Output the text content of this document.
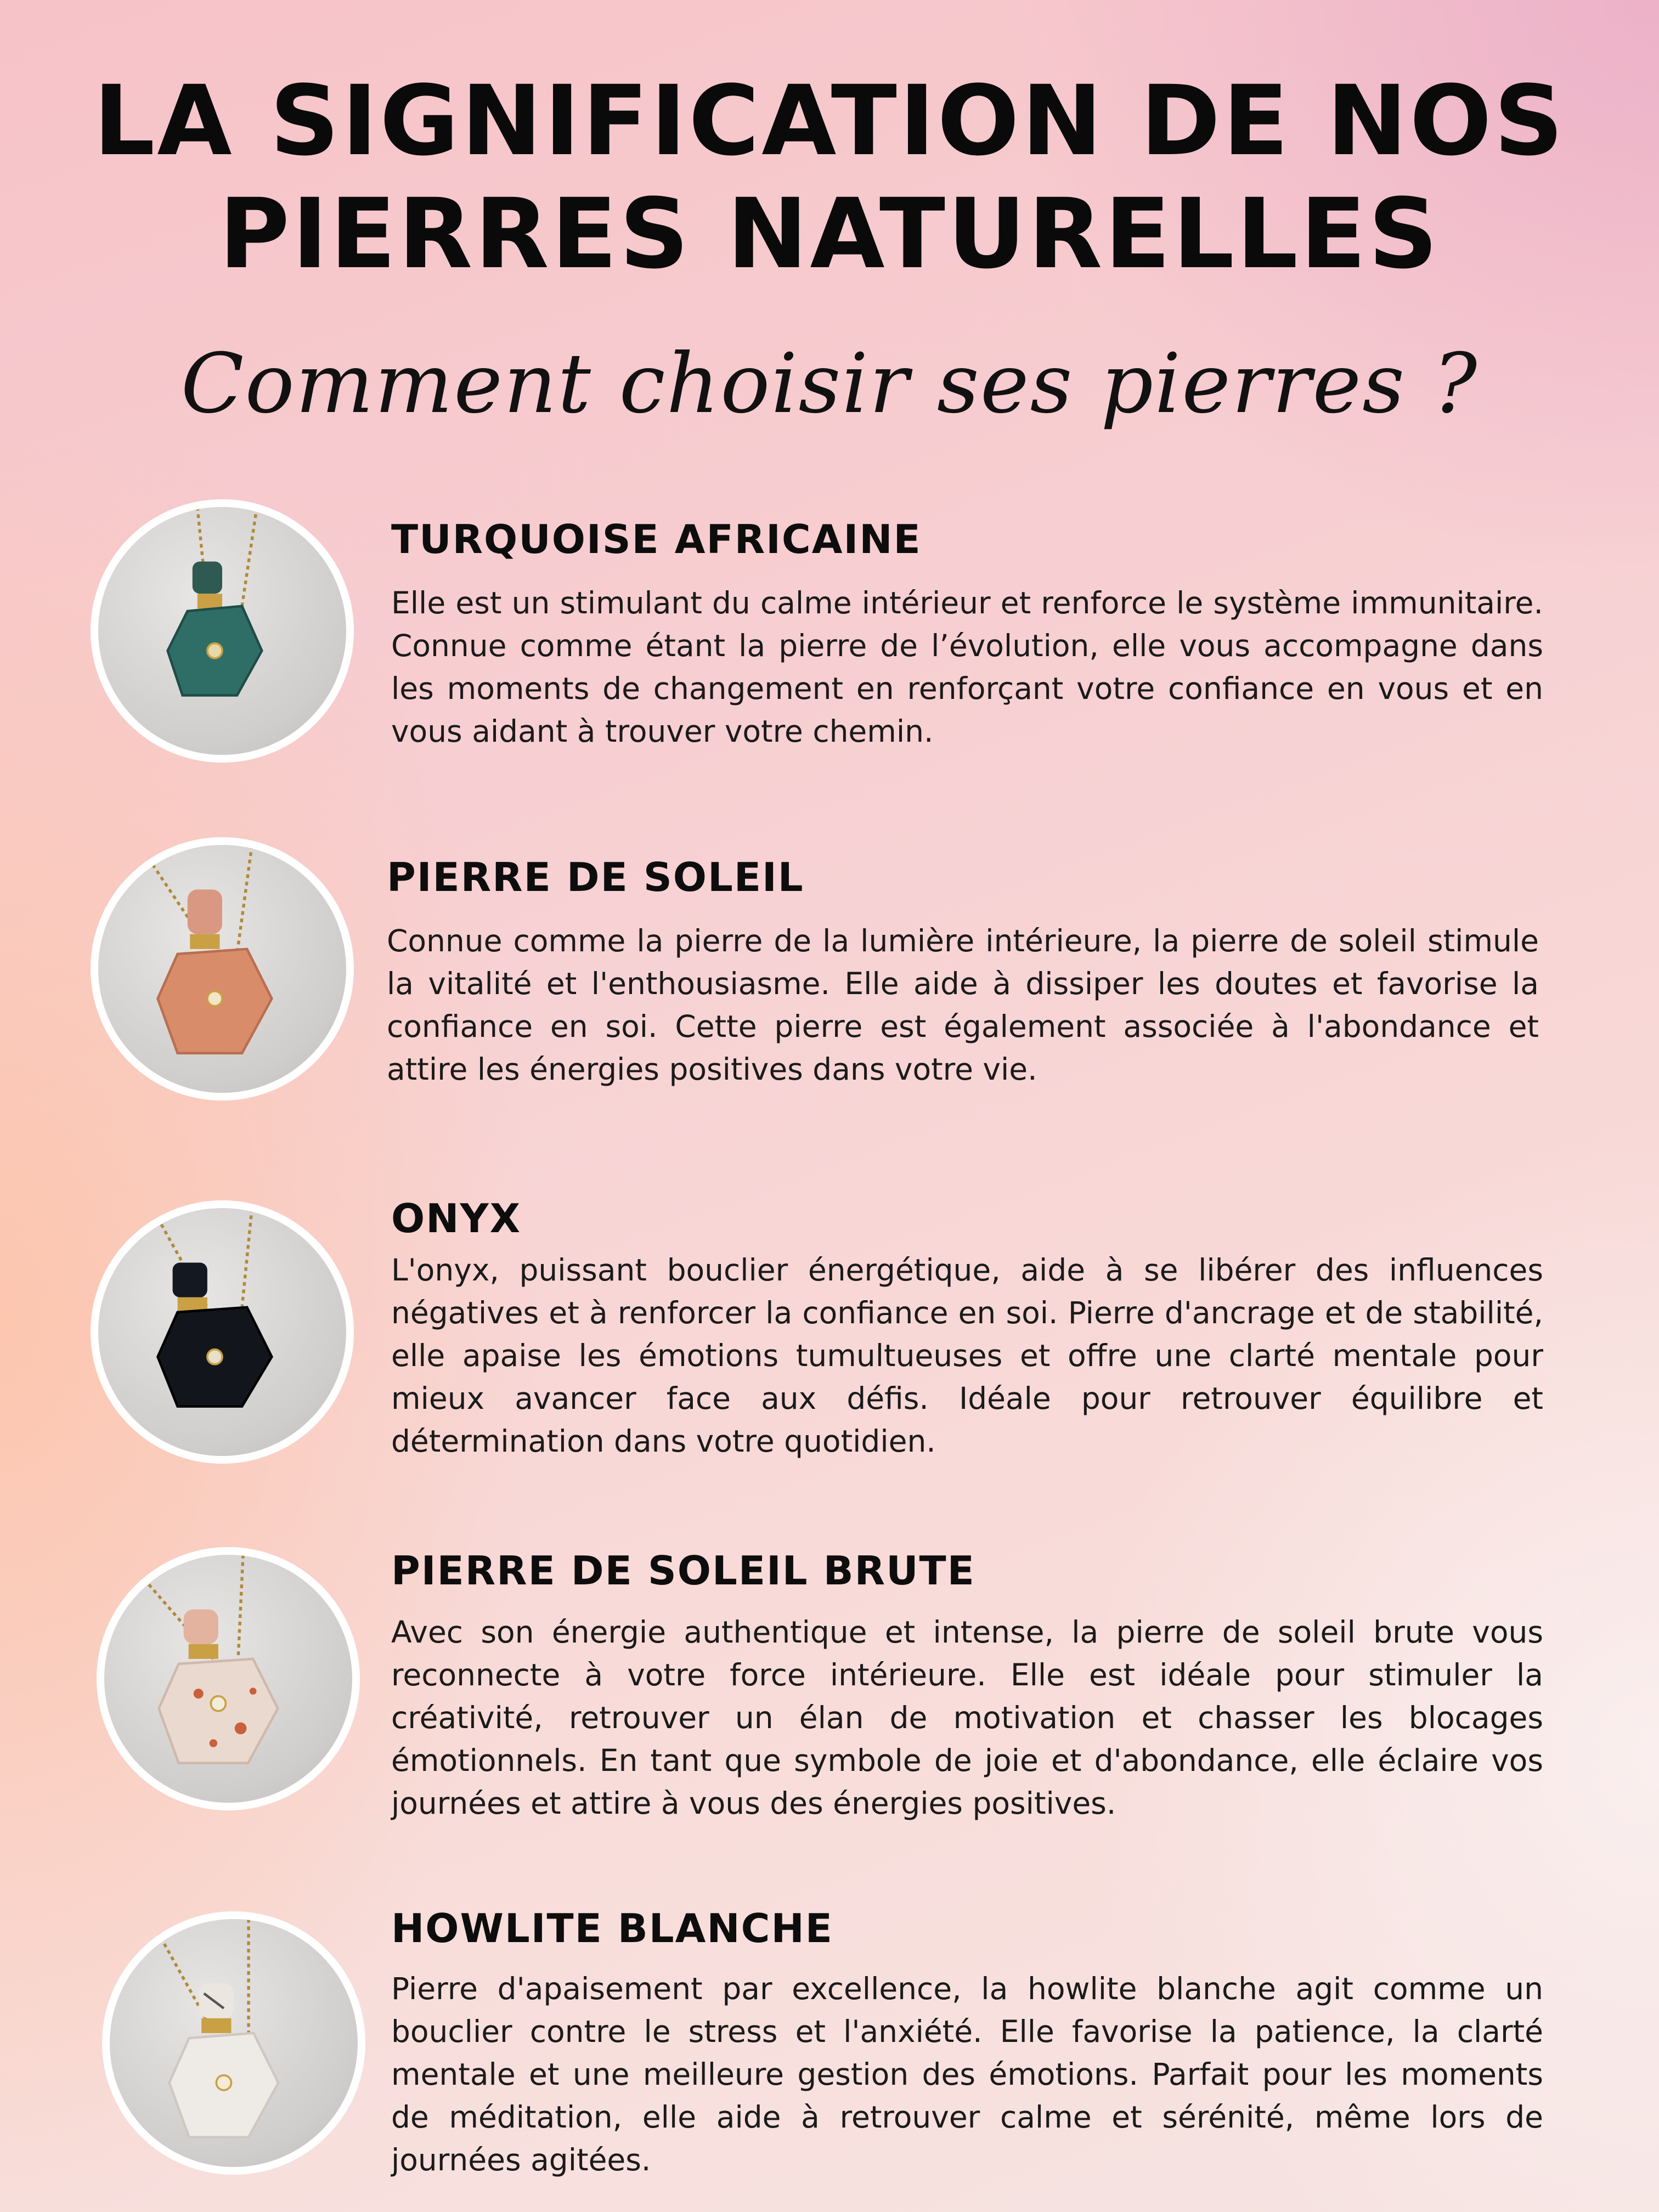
LA SIGNIFICATION DE NOS
PIERRES NATURELLES
Comment choisir ses pierres ?
TURQUOISE AFRICAINE

Elle est un stimulant du calme intérieur et renforce le système immunitaire. Connue comme étant la pierre de l’évolution, elle vous accompagne dans les moments de changement en renforçant votre confiance en vous et en vous aidant à trouver votre chemin.

PIERRE DE SOLEIL

Connue comme la pierre de la lumière intérieure, la pierre de soleil stimule la vitalité et l'enthousiasme. Elle aide à dissiper les doutes et favorise la confiance en soi. Cette pierre est également associée à l'abondance et attire les énergies positives dans votre vie.

ONYX

L'onyx, puissant bouclier énergétique, aide à se libérer des influences négatives et à renforcer la confiance en soi. Pierre d'ancrage et de stabilité, elle apaise les émotions tumultueuses et offre une clarté mentale pour mieux avancer face aux défis. Idéale pour retrouver équilibre et détermination dans votre quotidien.

PIERRE DE SOLEIL BRUTE

Avec son énergie authentique et intense, la pierre de soleil brute vous reconnecte à votre force intérieure. Elle est idéale pour stimuler la créativité, retrouver un élan de motivation et chasser les blocages émotionnels. En tant que symbole de joie et d'abondance, elle éclaire vos journées et attire à vous des énergies positives.

HOWLITE BLANCHE

Pierre d'apaisement par excellence, la howlite blanche agit comme un bouclier contre le stress et l'anxiété. Elle favorise la patience, la clarté mentale et une meilleure gestion des émotions. Parfait pour les moments de méditation, elle aide à retrouver calme et sérénité, même lors de journées agitées.
